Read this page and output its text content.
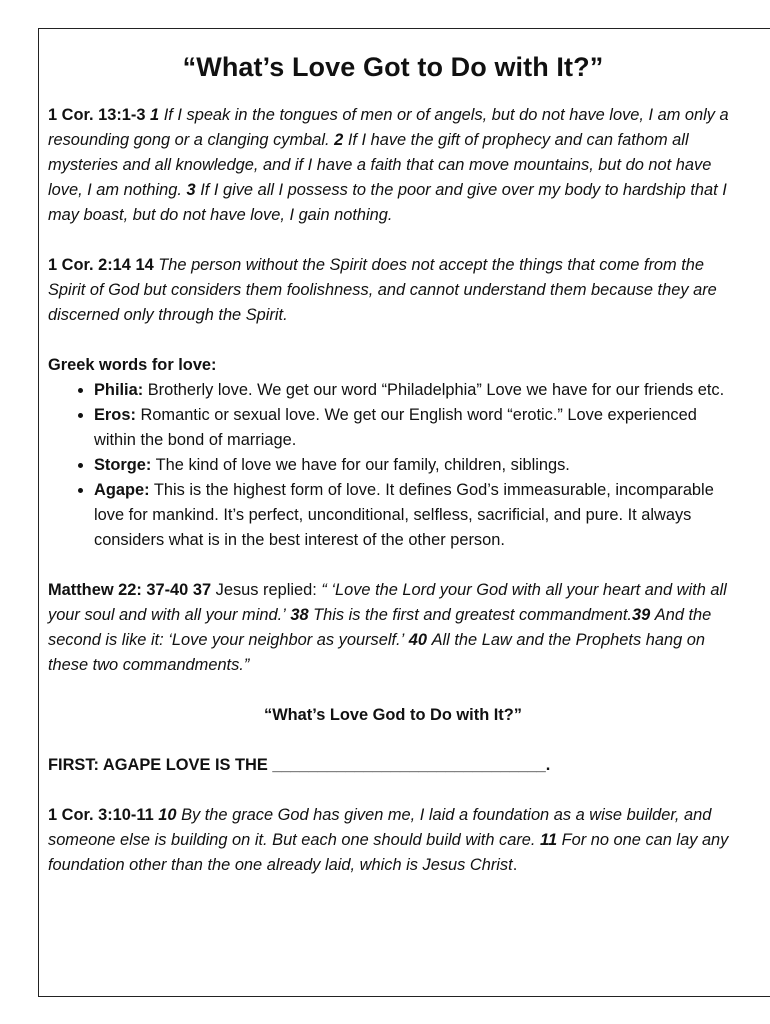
“What’s Love Got to Do with It?”

1 Cor. 13:1-3 1 If I speak in the tongues of men or of angels, but do not have love, I am only a resounding gong or a clanging cymbal. 2 If I have the gift of prophecy and can fathom all mysteries and all knowledge, and if I have a faith that can move mountains, but do not have love, I am nothing. 3 If I give all I possess to the poor and give over my body to hardship that I may boast, but do not have love, I gain nothing.

1 Cor. 2:14 14 The person without the Spirit does not accept the things that come from the Spirit of God but considers them foolishness, and cannot understand them because they are discerned only through the Spirit.

Greek words for love:

• Philia: Brotherly love. We get our word “Philadelphia” Love we have for our friends etc.
• Eros: Romantic or sexual love. We get our English word “erotic.” Love experienced within the bond of marriage.
• Storge: The kind of love we have for our family, children, siblings.
• Agape: This is the highest form of love. It defines God’s immeasurable, incomparable love for mankind. It’s perfect, unconditional, selfless, sacrificial, and pure. It always considers what is in the best interest of the other person.

Matthew 22: 37-40 37 Jesus replied: “ ‘Love the Lord your God with all your heart and with all your soul and with all your mind.’ 38 This is the first and greatest commandment.39 And the second is like it: ‘Love your neighbor as yourself.’ 40 All the Law and the Prophets hang on these two commandments.”

“What’s Love God to Do with It?”

FIRST: AGAPE LOVE IS THE ______________________________.

1 Cor. 3:10-11 10 By the grace God has given me, I laid a foundation as a wise builder, and someone else is building on it. But each one should build with care. 11 For no one can lay any foundation other than the one already laid, which is Jesus Christ.
